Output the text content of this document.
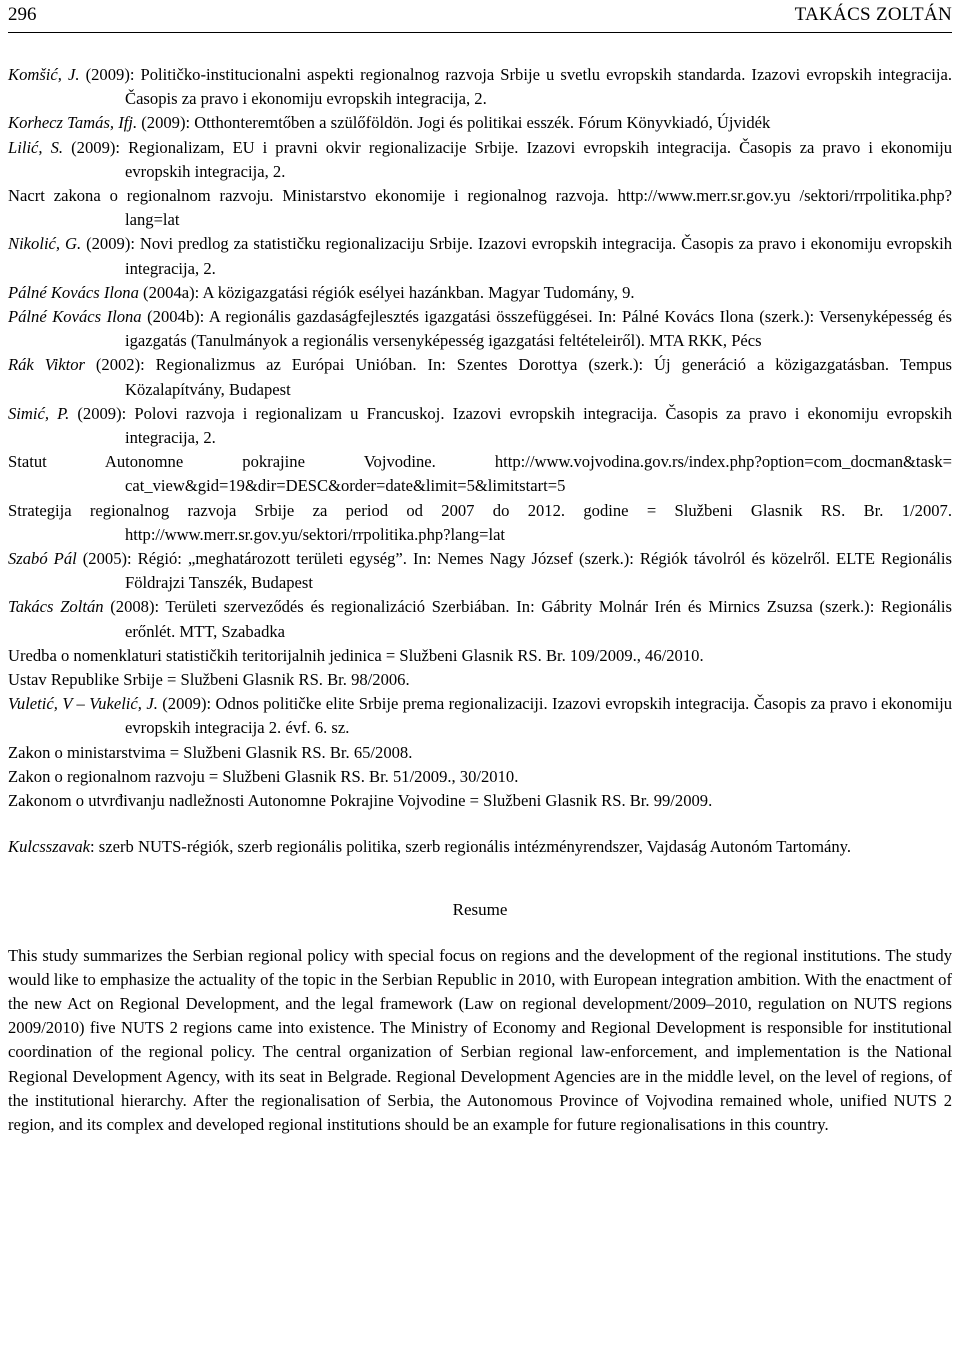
296	TAKÁCS ZOLTÁN
Komšić, J. (2009): Političko-institucionalni aspekti regionalnog razvoja Srbije u svetlu evropskih standarda. Izazovi evropskih integracija. Časopis za pravo i ekonomiju evropskih integracija, 2.
Korhecz Tamás, Ifj. (2009): Otthonteremtőben a szülőföldön. Jogi és politikai esszék. Fórum Könyvkiadó, Újvidék
Lilić, S. (2009): Regionalizam, EU i pravni okvir regionalizacije Srbije. Izazovi evropskih integracija. Časopis za pravo i ekonomiju evropskih integracija, 2.
Nacrt zakona o regionalnom razvoju. Ministarstvo ekonomije i regionalnog razvoja. http://www.merr.sr.gov.yu /sektori/rrpolitika.php?lang=lat
Nikolić, G. (2009): Novi predlog za statističku regionalizaciju Srbije. Izazovi evropskih integracija. Časopis za pravo i ekonomiju evropskih integracija, 2.
Pálné Kovács Ilona (2004a): A közigazgatási régiók esélyei hazánkban. Magyar Tudomány, 9.
Pálné Kovács Ilona (2004b): A regionális gazdaságfejlesztés igazgatási összefüggései. In: Pálné Kovács Ilona (szerk.): Versenyképesség és igazgatás (Tanulmányok a regionális versenyképesség igazgatási feltételeiről). MTA RKK, Pécs
Rák Viktor (2002): Regionalizmus az Európai Unióban. In: Szentes Dorottya (szerk.): Új generáció a közigazgatásban. Tempus Közalapítvány, Budapest
Simić, P. (2009): Polovi razvoja i regionalizam u Francuskoj. Izazovi evropskih integracija. Časopis za pravo i ekonomiju evropskih integracija, 2.
Statut Autonomne pokrajine Vojvodine. http://www.vojvodina.gov.rs/index.php?option=com_docman&task= cat_view&gid=19&dir=DESC&order=date&limit=5&limitstart=5
Strategija regionalnog razvoja Srbije za period od 2007 do 2012. godine = Službeni Glasnik RS. Br. 1/2007. http://www.merr.sr.gov.yu/sektori/rrpolitika.php?lang=lat
Szabó Pál (2005): Régió: „meghatározott területi egység”. In: Nemes Nagy József (szerk.): Régiók távolról és közelről. ELTE Regionális Földrajzi Tanszék, Budapest
Takács Zoltán (2008): Területi szerveződés és regionalizáció Szerbiában. In: Gábrity Molnár Irén és Mirnics Zsuzsa (szerk.): Regionális erőnlét. MTT, Szabadka
Uredba o nomenklaturi statističkih teritorijalnih jedinica = Službeni Glasnik RS. Br. 109/2009., 46/2010.
Ustav Republike Srbije = Službeni Glasnik RS. Br. 98/2006.
Vuletić, V – Vukelić, J. (2009): Odnos političke elite Srbije prema regionalizaciji. Izazovi evropskih integracija. Časopis za pravo i ekonomiju evropskih integracija 2. évf. 6. sz.
Zakon o ministarstvima = Službeni Glasnik RS. Br. 65/2008.
Zakon o regionalnom razvoju = Službeni Glasnik RS. Br. 51/2009., 30/2010.
Zakonom o utvrđivanju nadležnosti Autonomne Pokrajine Vojvodine = Službeni Glasnik RS. Br. 99/2009.
Kulcsszavak: szerb NUTS-régiók, szerb regionális politika, szerb regionális intézményrendszer, Vajdaság Autonóm Tartomány.
Resume
This study summarizes the Serbian regional policy with special focus on regions and the development of the regional institutions. The study would like to emphasize the actuality of the topic in the Serbian Republic in 2010, with European integration ambition. With the enactment of the new Act on Regional Development, and the legal framework (Law on regional development/2009–2010, regulation on NUTS regions 2009/2010) five NUTS 2 regions came into existence. The Ministry of Economy and Regional Development is responsible for institutional coordination of the regional policy. The central organization of Serbian regional law-enforcement, and implementation is the National Regional Development Agency, with its seat in Belgrade. Regional Development Agencies are in the middle level, on the level of regions, of the institutional hierarchy. After the regionalisation of Serbia, the Autonomous Province of Vojvodina remained whole, unified NUTS 2 region, and its complex and developed regional institutions should be an example for future regionalisations in this country.
